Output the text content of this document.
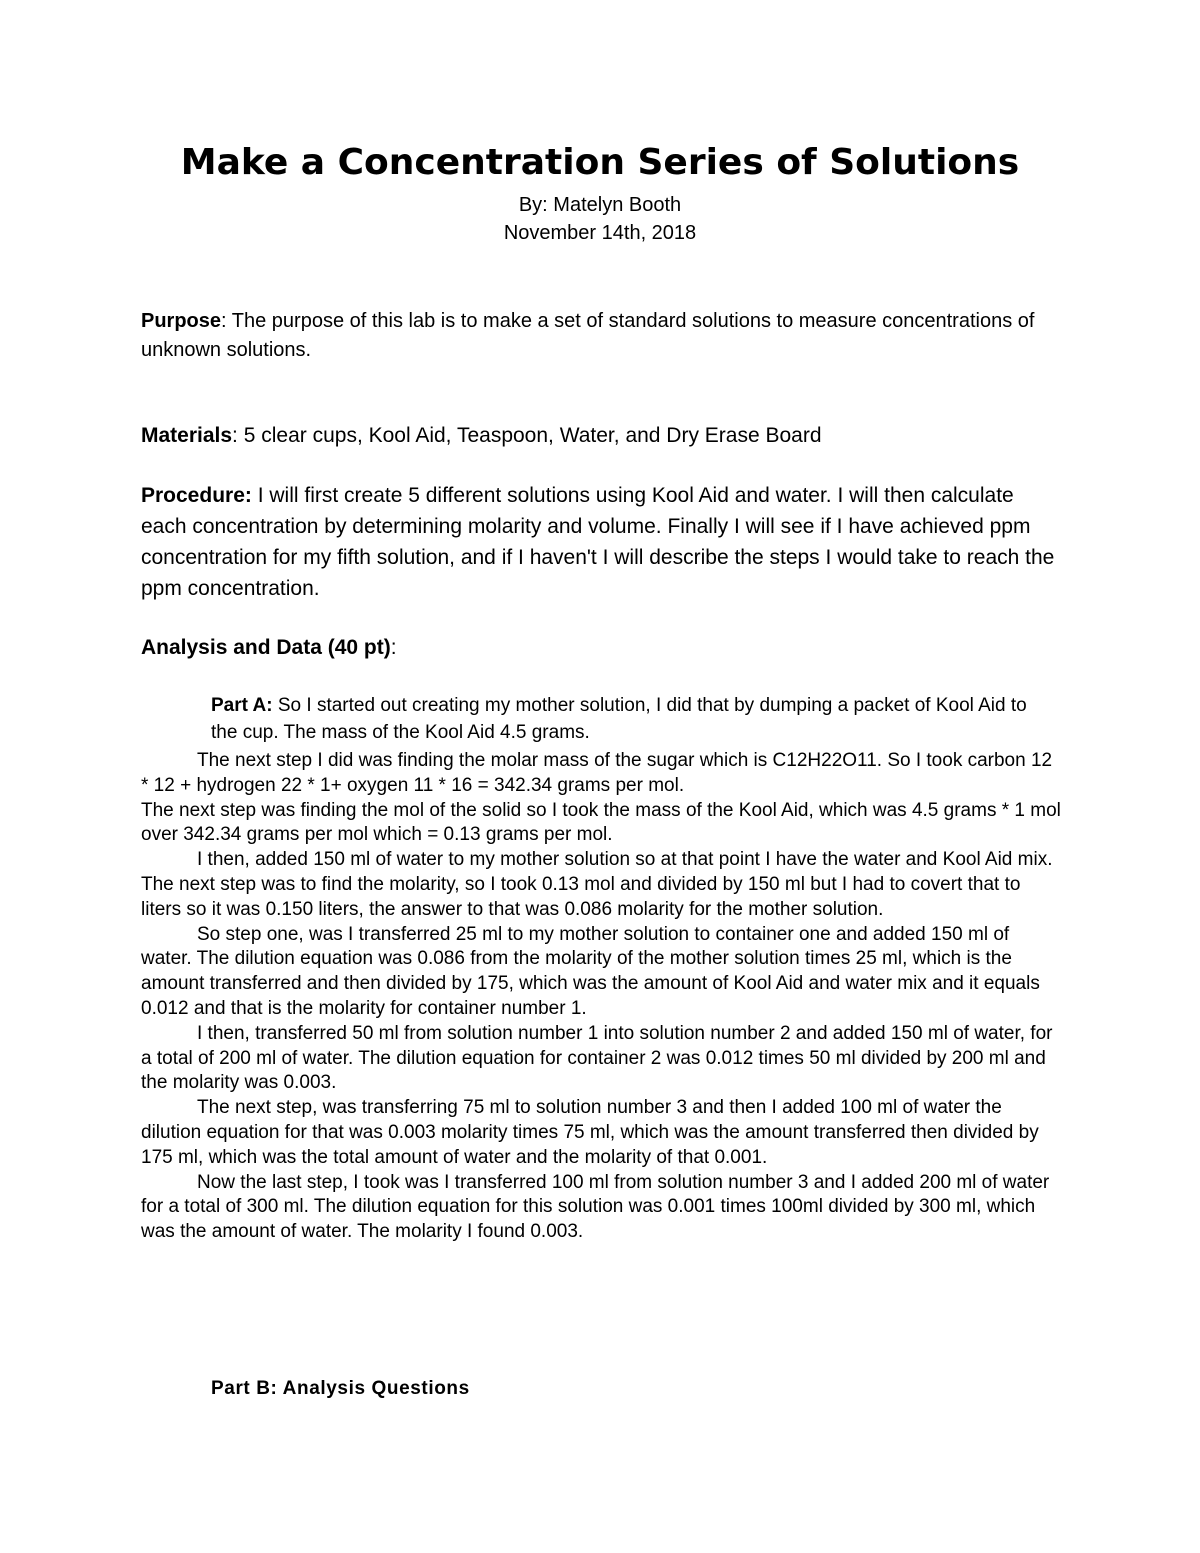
Make a Concentration Series of Solutions
By: Matelyn Booth
November 14th, 2018

Purpose: The purpose of this lab is to make a set of standard solutions to measure concentrations of unknown solutions.

Materials: 5 clear cups, Kool Aid, Teaspoon, Water, and Dry Erase Board

Procedure: I will first create 5 different solutions using Kool Aid and water. I will then calculate each concentration by determining molarity and volume. Finally I will see if I have achieved ppm concentration for my fifth solution, and if I haven't I will describe the steps I would take to reach the ppm concentration.

Analysis and Data (40 pt):

Part A: So I started out creating my mother solution, I did that by dumping a packet of Kool Aid to the cup. The mass of the Kool Aid 4.5 grams.

The next step I did was finding the molar mass of the sugar which is C12H22O11. So I took carbon 12 * 12 + hydrogen 22 * 1+ oxygen 11 * 16 = 342.34 grams per mol.

The next step was finding the mol of the solid so I took the mass of the Kool Aid, which was 4.5 grams * 1 mol over 342.34 grams per mol which = 0.13 grams per mol.

I then, added 150 ml of water to my mother solution so at that point I have the water and Kool Aid mix.

The next step was to find the molarity, so I took 0.13 mol and divided by 150 ml but I had to covert that to liters so it was 0.150 liters, the answer to that was 0.086 molarity for the mother solution.

So step one, was I transferred 25 ml to my mother solution to container one and added 150 ml of water. The dilution equation was 0.086 from the molarity of the mother solution times 25 ml, which is the amount transferred and then divided by 175, which was the amount of Kool Aid and water mix and it equals 0.012 and that is the molarity for container number 1.

I then, transferred 50 ml from solution number 1 into solution number 2 and added 150 ml of water, for a total of 200 ml of water. The dilution equation for container 2 was 0.012 times 50 ml divided by 200 ml and the molarity was 0.003.

The next step, was transferring 75 ml to solution number 3 and then I added 100 ml of water the dilution equation for that was 0.003 molarity times 75 ml, which was the amount transferred then divided by 175 ml, which was the total amount of water and the molarity of that 0.001.

Now the last step, I took was I transferred 100 ml from solution number 3 and I added 200 ml of water for a total of 300 ml. The dilution equation for this solution was 0.001 times 100ml divided by 300 ml, which was the amount of water. The molarity I found 0.003.

Part B: Analysis Questions
